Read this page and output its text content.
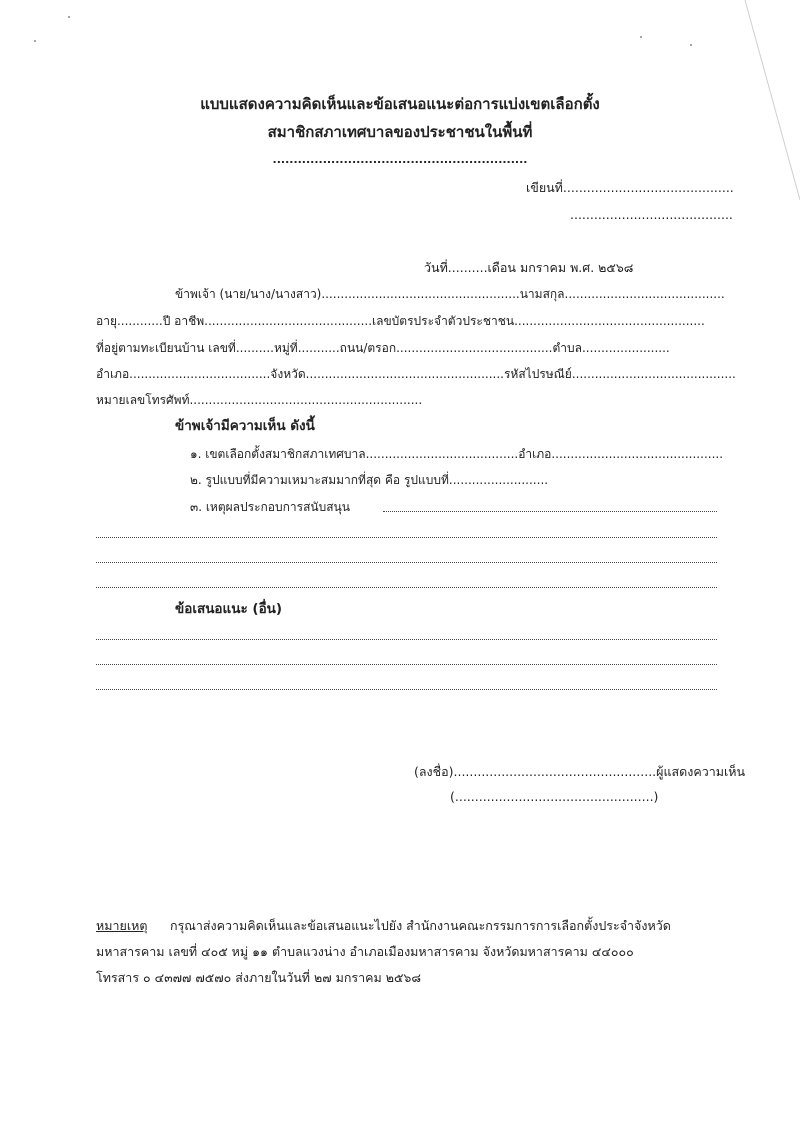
แบบแสดงความคิดเห็นและข้อเสนอแนะต่อการแบ่งเขตเลือกตั้ง
สมาชิกสภาเทศบาลของประชาชนในพื้นที่
.............................................................
เขียนที่...........................................
.........................................
วันที่..........เดือน มกราคม พ.ศ. ๒๕๖๘
ข้าพเจ้า (นาย/นาง/นางสาว)....................................................นามสกุล..........................................
อายุ............ปี อาชีพ............................................เลขบัตรประจำตัวประชาชน..................................................
ที่อยู่ตามทะเบียนบ้าน เลขที่..........หมู่ที่...........ถนน/ตรอก.........................................ตำบล.......................
อำเภอ.....................................จังหวัด....................................................รหัสไปรษณีย์...........................................
หมายเลขโทรศัพท์.............................................................
ข้าพเจ้ามีความเห็น ดังนี้
๑. เขตเลือกตั้งสมาชิกสภาเทศบาล........................................อำเภอ.............................................
๒. รูปแบบที่มีความเหมาะสมมากที่สุด คือ รูปแบบที่..........................
๓. เหตุผลประกอบการสนับสนุน
ข้อเสนอแนะ (อื่น)
(ลงชื่อ)...................................................ผู้แสดงความเห็น
(..................................................)
หมายเหตุ กรุณาส่งความคิดเห็นและข้อเสนอแนะไปยัง สำนักงานคณะกรรมการการเลือกตั้งประจำจังหวัด
มหาสารคาม เลขที่ ๔๐๕ หมู่ ๑๑ ตำบลแวงน่าง อำเภอเมืองมหาสารคาม จังหวัดมหาสารคาม ๔๔๐๐๐
โทรสาร ๐ ๔๓๗๗ ๗๕๗๐ ส่งภายในวันที่ ๒๗ มกราคม ๒๕๖๘
